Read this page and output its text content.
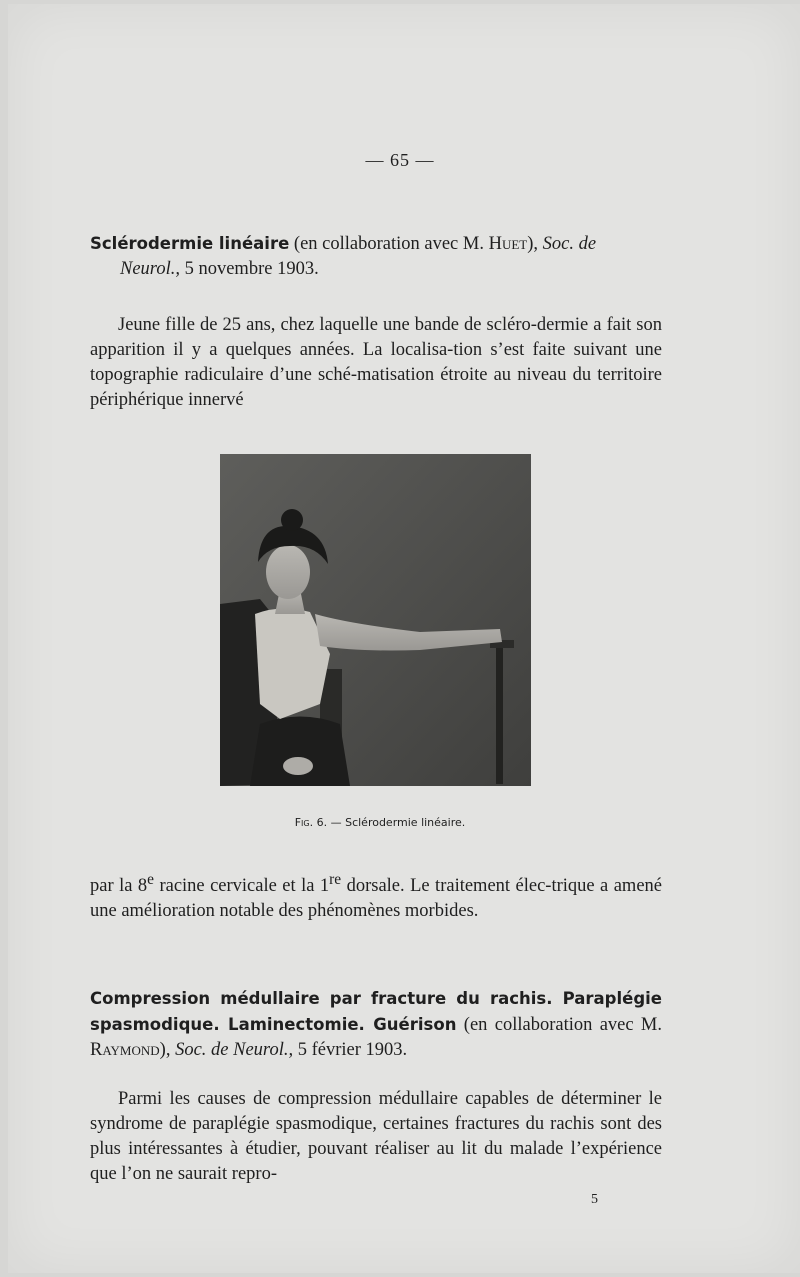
— 65 —
Sclérodermie linéaire (en collaboration avec M. Huet), Soc. de
Neurol., 5 novembre 1903.

Jeune fille de 25 ans, chez laquelle une bande de scléro-dermie a fait son apparition il y a quelques années. La localisa-tion s’est faite suivant une topographie radiculaire d’une sché-matisation étroite au niveau du territoire périphérique innervé

Fig. 6. — Sclérodermie linéaire.

par la 8e racine cervicale et la 1re dorsale. Le traitement élec-trique a amené une amélioration notable des phénomènes morbides.

Compression médullaire par fracture du rachis. Paraplégie spasmodique. Laminectomie. Guérison (en collaboration avec M. Raymond), Soc. de Neurol., 5 février 1903.

Parmi les causes de compression médullaire capables de déterminer le syndrome de paraplégie spasmodique, certaines fractures du rachis sont des plus intéressantes à étudier, pouvant réaliser au lit du malade l’expérience que l’on ne saurait repro-

5
